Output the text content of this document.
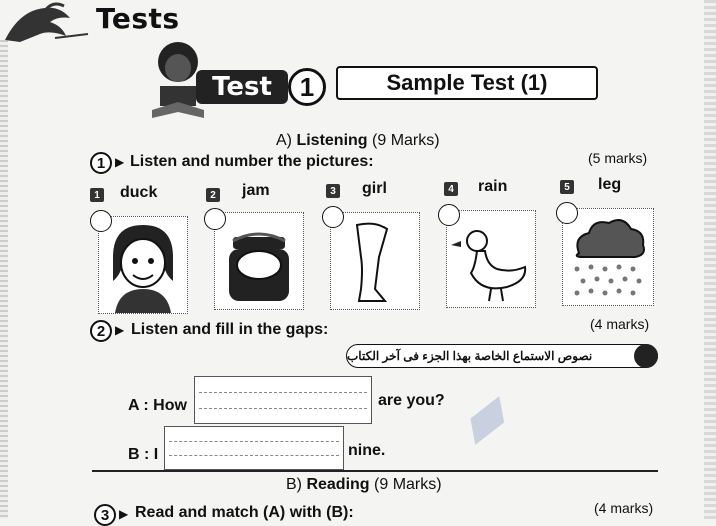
Tests
Test	1	Sample Test (1)
A) Listening (9 Marks)
1 ▶ Listen and number the pictures:	(5 marks)
1 duck	2 jam	3 girl	4 rain	5 leg
2 ▶ Listen and fill in the gaps:	(4 marks)
نصوص الاستماع الخاصة بهذا الجزء فى آخر الكتاب
A : How	are you?
B : I	nine.
B) Reading (9 Marks)
3 ▶ Read and match (A) with (B):	(4 marks)
▰
